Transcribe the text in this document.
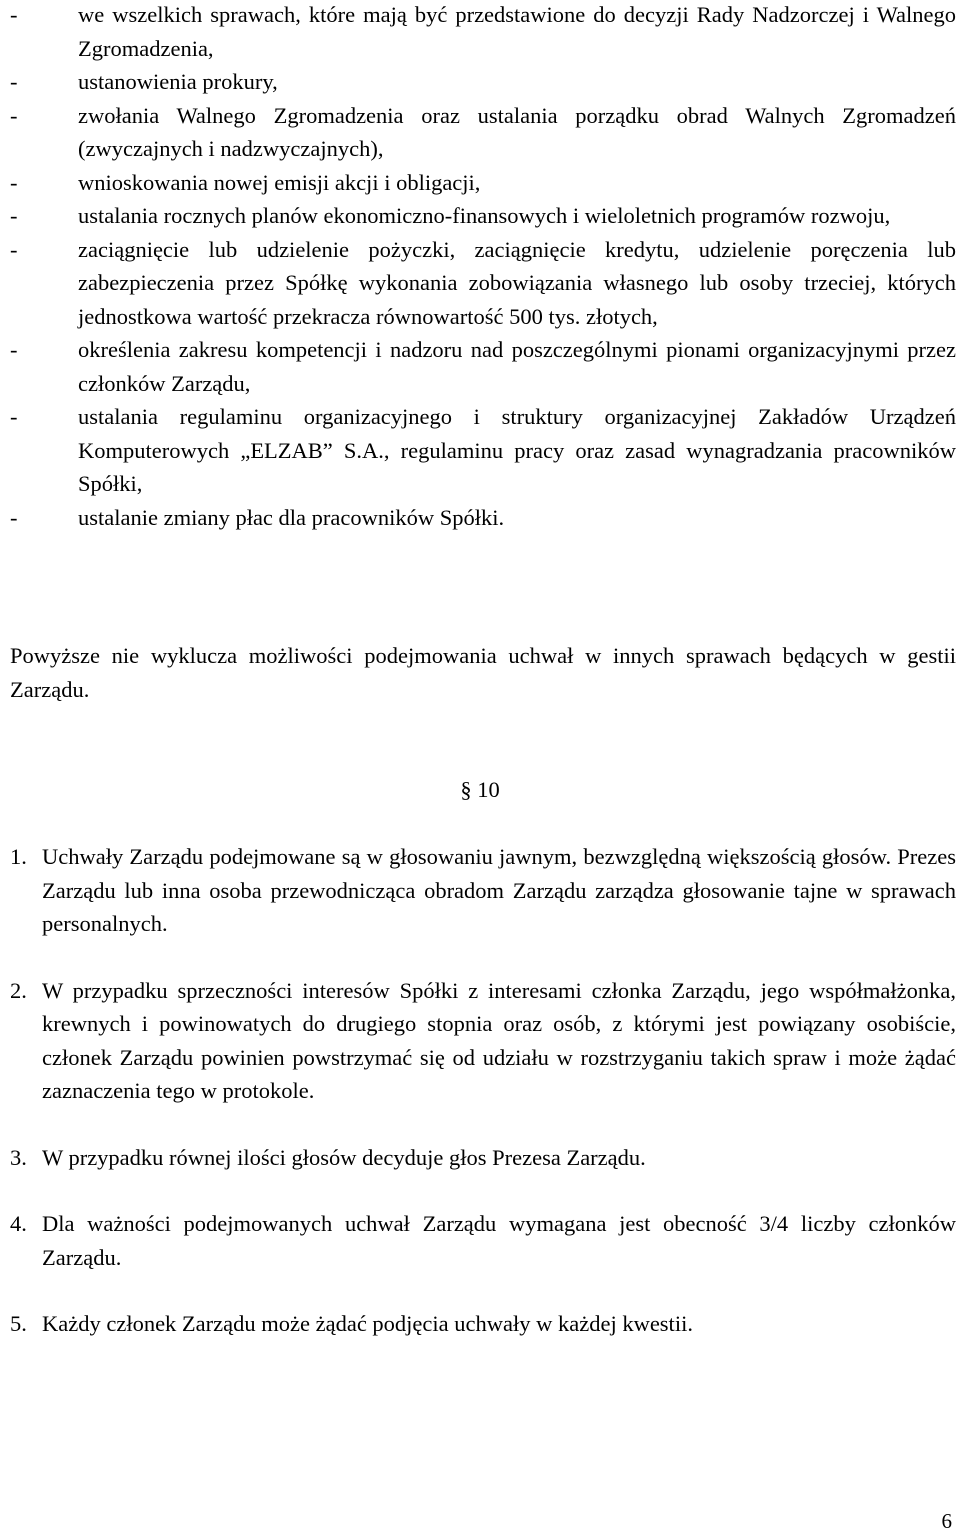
-	we wszelkich sprawach, które mają być przedstawione do decyzji Rady Nadzorczej i Walnego Zgromadzenia,
-	ustanowienia prokury,
-	zwołania Walnego Zgromadzenia oraz ustalania porządku obrad Walnych Zgromadzeń (zwyczajnych i nadzwyczajnych),
-	wnioskowania nowej emisji akcji i obligacji,
-	ustalania rocznych planów ekonomiczno-finansowych i wieloletnich programów rozwoju,
-	zaciągnięcie lub udzielenie pożyczki, zaciągnięcie kredytu, udzielenie poręczenia lub zabezpieczenia przez Spółkę wykonania zobowiązania własnego lub osoby trzeciej, których jednostkowa wartość przekracza równowartość 500 tys. złotych,
-	określenia zakresu kompetencji i nadzoru nad poszczególnymi pionami organizacyjnymi przez członków Zarządu,
-	ustalania regulaminu organizacyjnego i struktury organizacyjnej Zakładów Urządzeń Komputerowych „ELZAB” S.A., regulaminu pracy oraz zasad wynagradzania pracowników Spółki,
-	ustalanie zmiany płac dla pracowników Spółki.

Powyższe nie wyklucza możliwości podejmowania uchwał w innych sprawach będących w gestii Zarządu.

§ 10
1. Uchwały Zarządu podejmowane są w głosowaniu jawnym, bezwzględną większością głosów. Prezes Zarządu lub inna osoba przewodnicząca obradom Zarządu zarządza głosowanie tajne w sprawach personalnych.
2. W przypadku sprzeczności interesów Spółki z interesami członka Zarządu, jego współmałżonka, krewnych i powinowatych do drugiego stopnia oraz osób, z którymi jest powiązany osobiście, członek Zarządu powinien powstrzymać się od udziału w rozstrzyganiu takich spraw i może żądać zaznaczenia tego w protokole.
3. W przypadku równej ilości głosów decyduje głos Prezesa Zarządu.
4. Dla ważności podejmowanych uchwał Zarządu wymagana jest obecność 3/4 liczby członków Zarządu.
5. Każdy członek Zarządu może żądać podjęcia uchwały w każdej kwestii.
6
